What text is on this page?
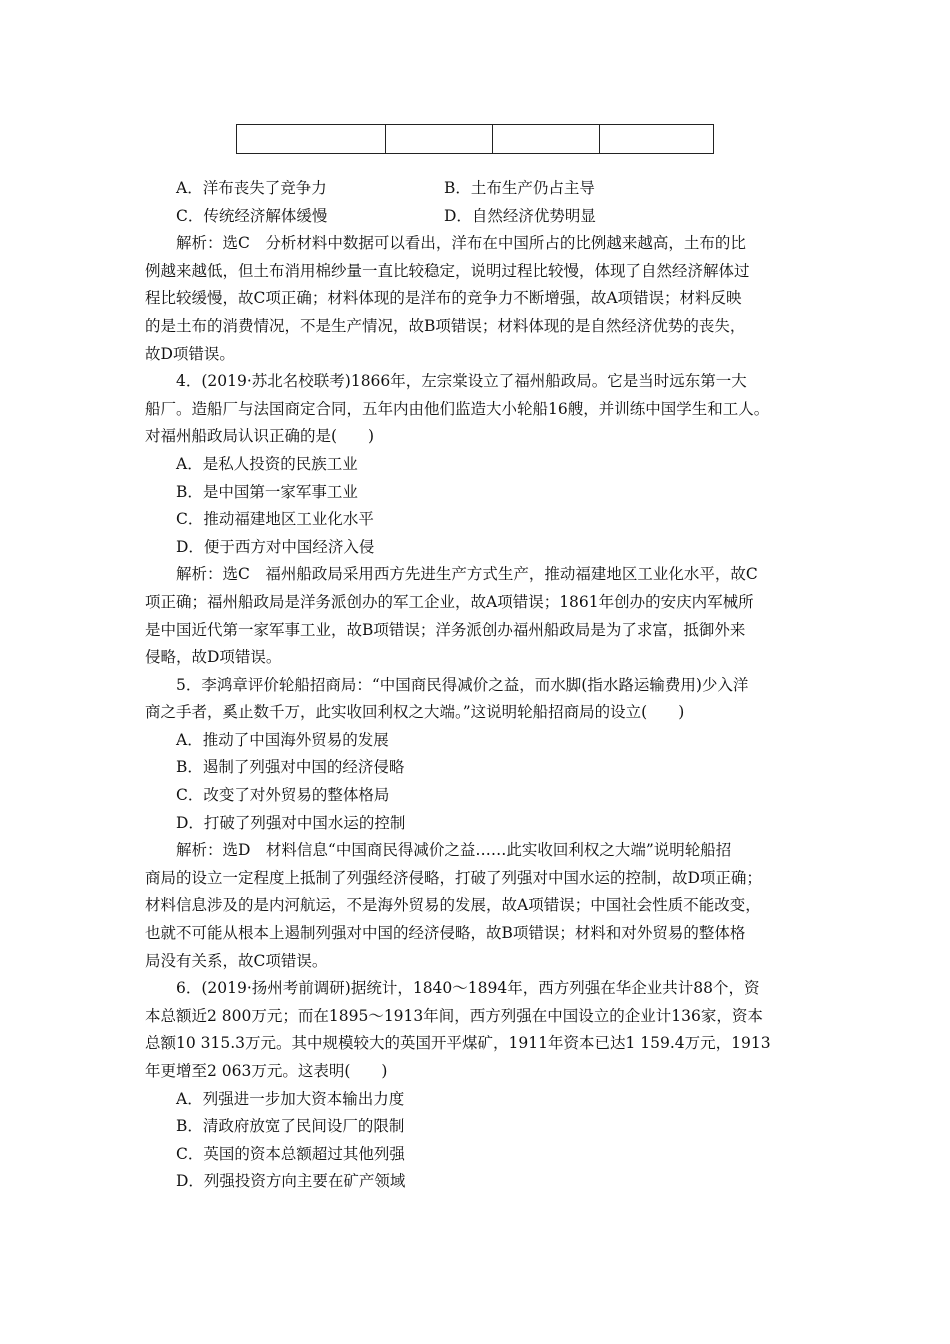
A．洋布丧失了竞争力	B．土布生产仍占主导
C．传统经济解体缓慢	D．自然经济优势明显
解析：选C　分析材料中数据可以看出，洋布在中国所占的比例越来越高，土布的比
例越来越低，但土布消用棉纱量一直比较稳定，说明过程比较慢，体现了自然经济解体过
程比较缓慢，故C项正确；材料体现的是洋布的竞争力不断增强，故A项错误；材料反映
的是土布的消费情况，不是生产情况，故B项错误；材料体现的是自然经济优势的丧失，
故D项错误。
4．(2019·苏北名校联考)1866年，左宗棠设立了福州船政局。它是当时远东第一大
船厂。造船厂与法国商定合同，五年内由他们监造大小轮船16艘，并训练中国学生和工人。
对福州船政局认识正确的是(　　)
A．是私人投资的民族工业
B．是中国第一家军事工业
C．推动福建地区工业化水平
D．便于西方对中国经济入侵
解析：选C　福州船政局采用西方先进生产方式生产，推动福建地区工业化水平，故C
项正确；福州船政局是洋务派创办的军工企业，故A项错误；1861年创办的安庆内军械所
是中国近代第一家军事工业，故B项错误；洋务派创办福州船政局是为了求富，抵御外来
侵略，故D项错误。
5．李鸿章评价轮船招商局：“中国商民得减价之益，而水脚(指水路运输费用)少入洋
商之手者，奚止数千万，此实收回利权之大端。”这说明轮船招商局的设立(　　)
A．推动了中国海外贸易的发展
B．遏制了列强对中国的经济侵略
C．改变了对外贸易的整体格局
D．打破了列强对中国水运的控制
解析：选D　材料信息“中国商民得减价之益……此实收回利权之大端”说明轮船招
商局的设立一定程度上抵制了列强经济侵略，打破了列强对中国水运的控制，故D项正确；
材料信息涉及的是内河航运，不是海外贸易的发展，故A项错误；中国社会性质不能改变，
也就不可能从根本上遏制列强对中国的经济侵略，故B项错误；材料和对外贸易的整体格
局没有关系，故C项错误。
6．(2019·扬州考前调研)据统计，1840～1894年，西方列强在华企业共计88个，资
本总额近2 800万元；而在1895～1913年间，西方列强在中国设立的企业计136家，资本
总额10 315.3万元。其中规模较大的英国开平煤矿，1911年资本已达1 159.4万元，1913
年更增至2 063万元。这表明(　　)
A．列强进一步加大资本输出力度
B．清政府放宽了民间设厂的限制
C．英国的资本总额超过其他列强
D．列强投资方向主要在矿产领域
